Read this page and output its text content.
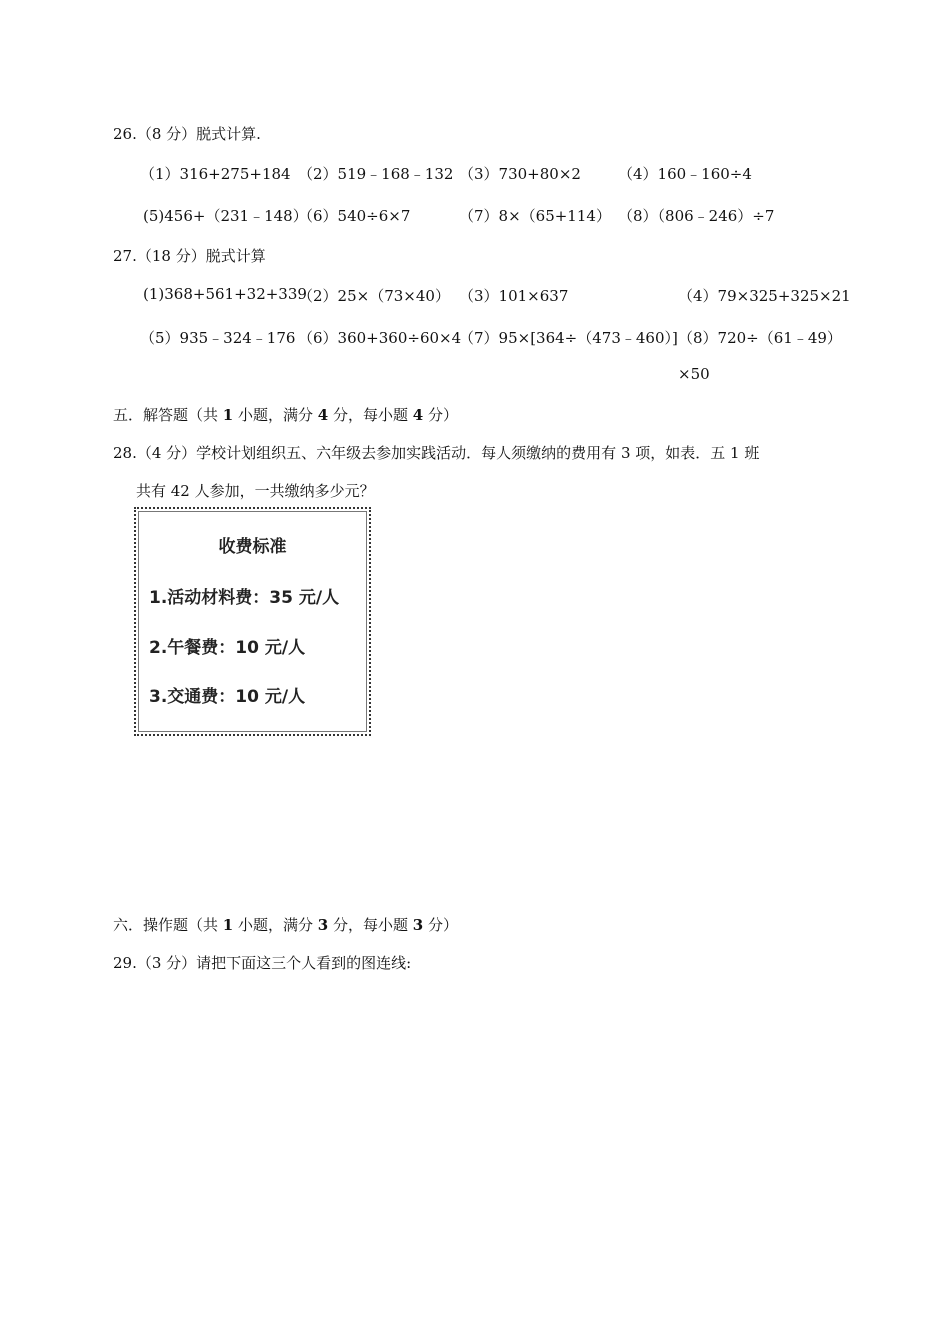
26.（8 分）脱式计算.
（1）316+275+184 （2）519﹣168﹣132 （3）730+80×2 （4）160﹣160÷4
(5)456+（231﹣148）
（6）540÷6×7	（7）8×（65+114） （8）（806﹣246）÷7
27.（18 分）脱式计算
(1)368+561+32+339
（2）25×（73×40） （3）101×637	（4）79×325+325×21
（5）935﹣324﹣176 （6）360+360÷60×4
（7）95×[364÷（473﹣460）] （8）720÷（61﹣49）
×50
五．解答题（共 1 小题，满分 4 分，每小题 4 分）
28.（4 分）学校计划组织五、六年级去参加实践活动．每人须缴纳的费用有 3 项，如表．五 1 班
共有 42 人参加，一共缴纳多少元？
收费标准
1.活动材料费：35 元/人
2.午餐费：10 元/人
3.交通费：10 元/人
六．操作题（共 1 小题，满分 3 分，每小题 3 分）
29.（3 分）请把下面这三个人看到的图连线:
